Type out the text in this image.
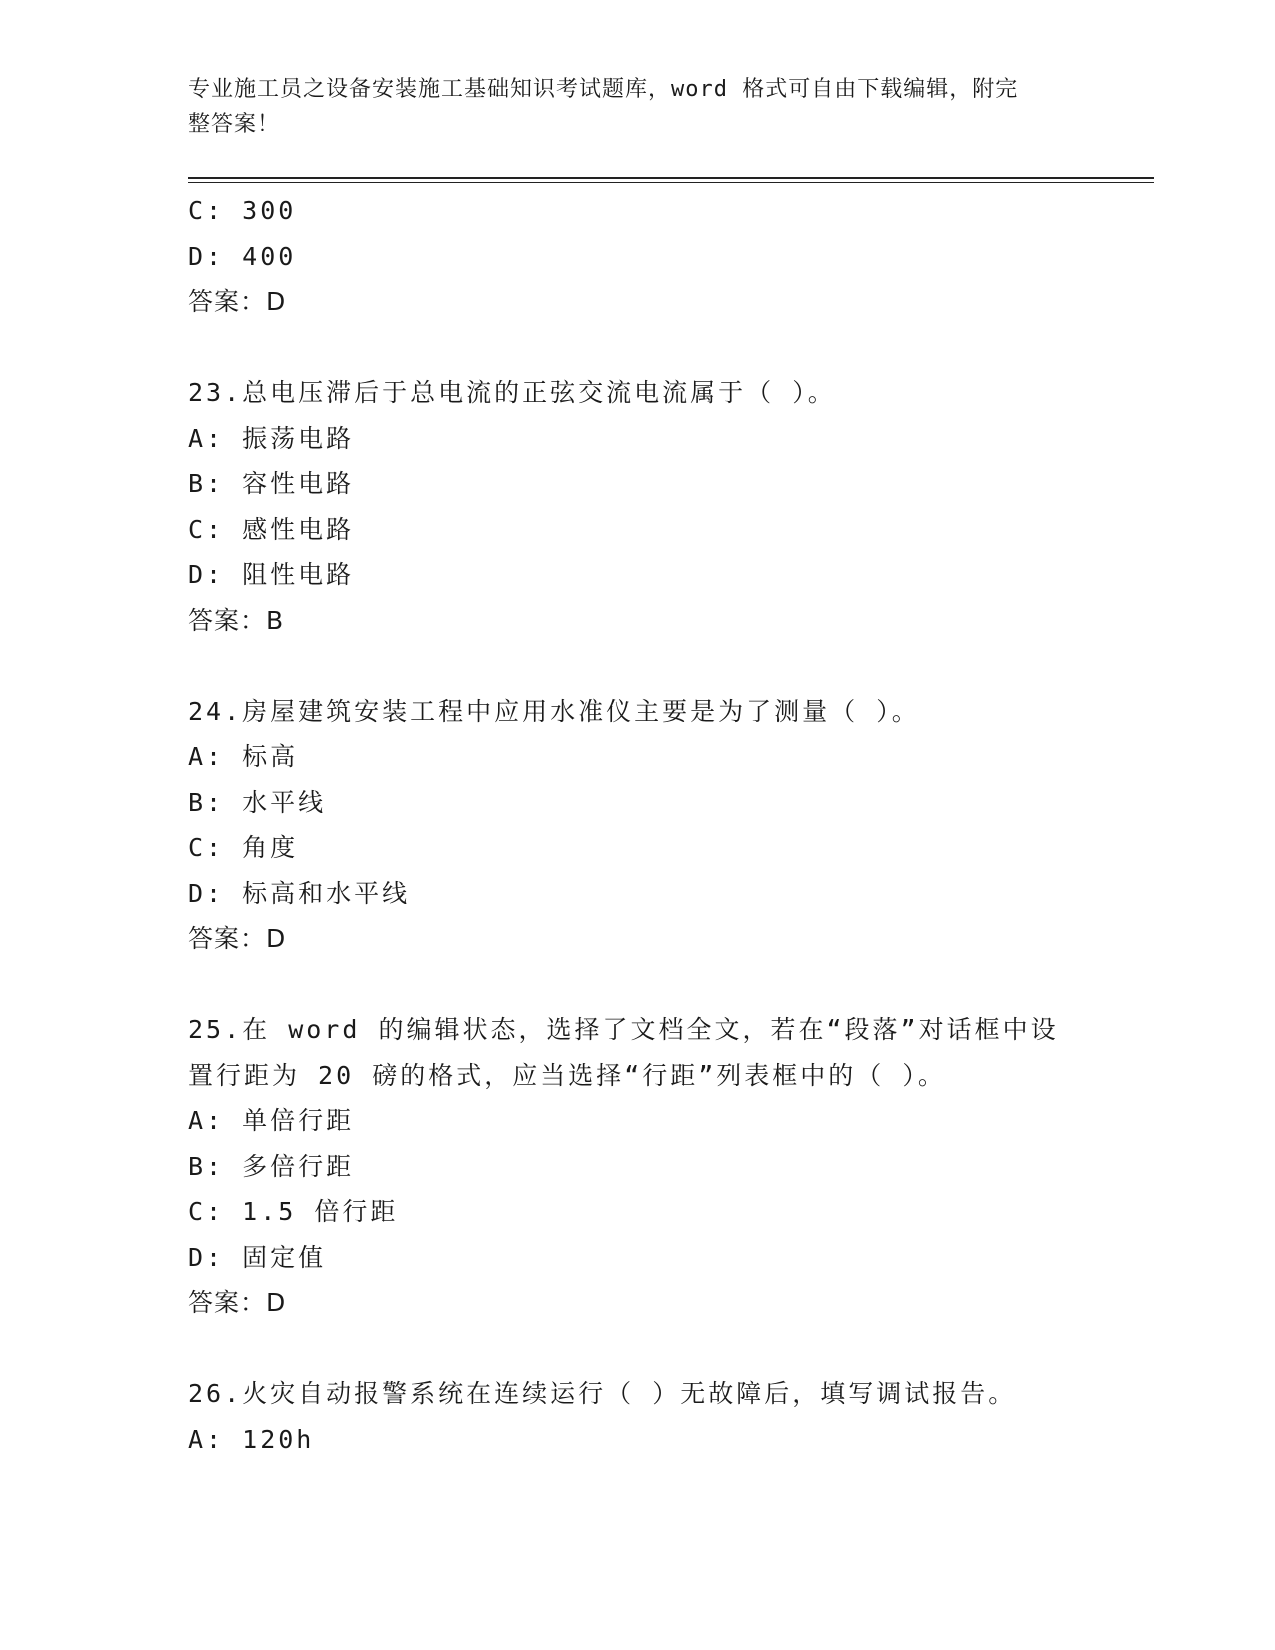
专业施工员之设备安装施工基础知识考试题库，word 格式可自由下载编辑，附完
整答案！
C: 300
D: 400
答案：D
23.总电压滞后于总电流的正弦交流电流属于（ ）。
A: 振荡电路
B: 容性电路
C: 感性电路
D: 阻性电路
答案：B
24.房屋建筑安装工程中应用水准仪主要是为了测量（ ）。
A: 标高
B: 水平线
C: 角度
D: 标高和水平线
答案：D
25.在 word 的编辑状态，选择了文档全文，若在“段落”对话框中设
置行距为 20 磅的格式，应当选择“行距”列表框中的（ ）。
A: 单倍行距
B: 多倍行距
C: 1.5 倍行距
D: 固定值
答案：D
26.火灾自动报警系统在连续运行（ ）无故障后，填写调试报告。
A: 120h
